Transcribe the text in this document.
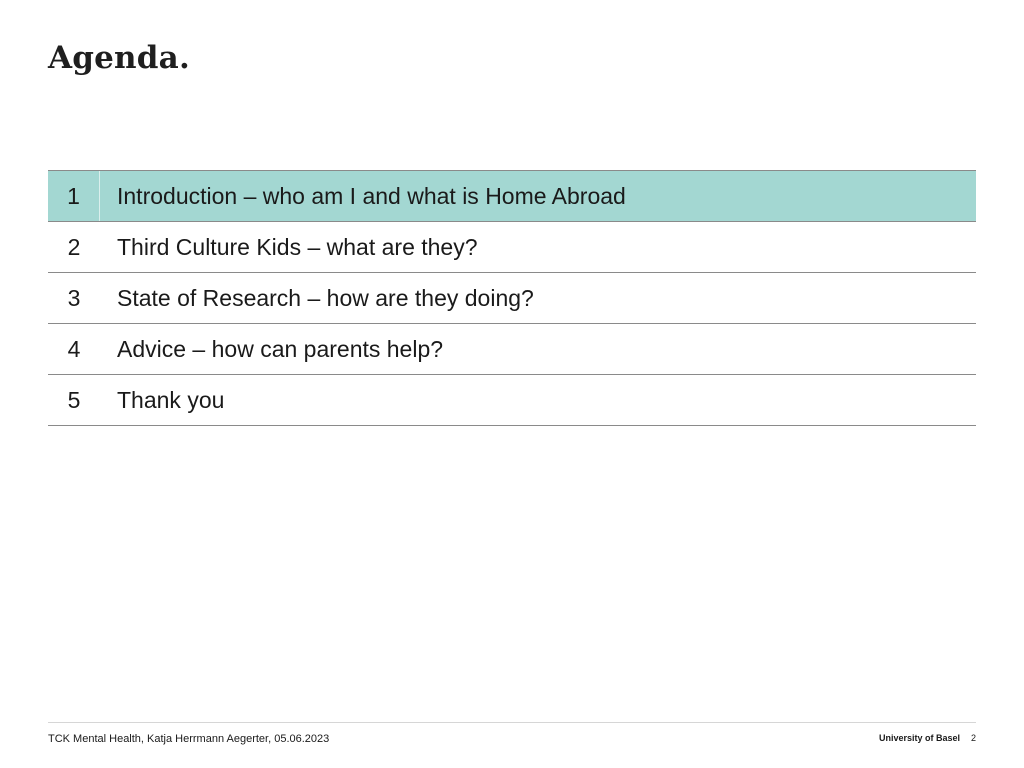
Agenda.
1	Introduction – who am I and what is Home Abroad
2	Third Culture Kids – what are they?
3	State of Research – how are they doing?
4	Advice – how can parents help?
5	Thank you
TCK Mental Health, Katja Herrmann Aegerter, 05.06.2023	University of Basel 2
